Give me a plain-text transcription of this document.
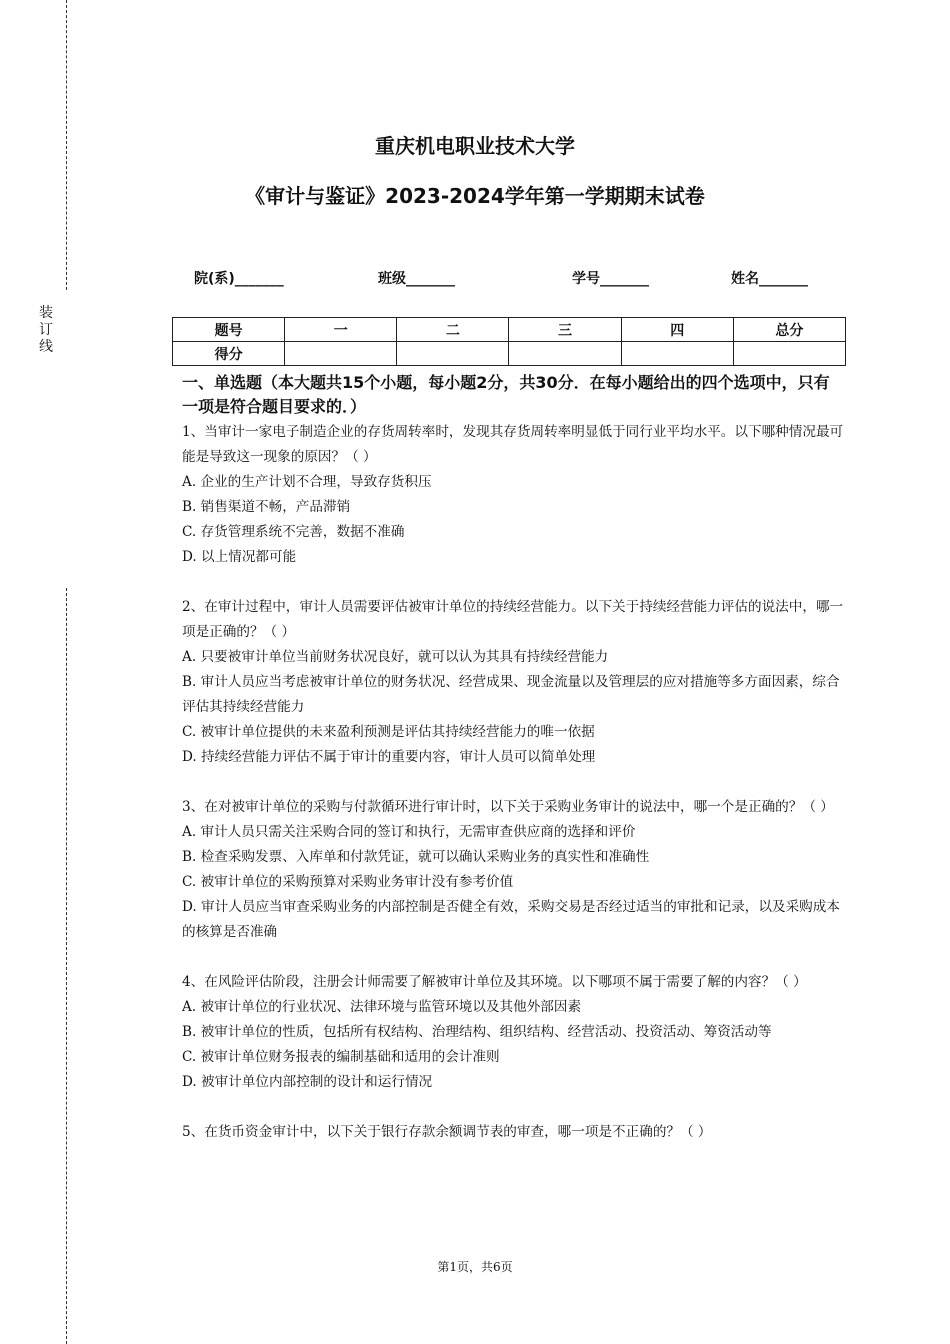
装
订
线
重庆机电职业技术大学
《审计与鉴证》2023-2024学年第一学期期末试卷
院(系)_______	班级_______	学号_______	姓名_______
题号	一	二	三	四	总分
得分					
一、单选题（本大题共15个小题，每小题2分，共30分．在每小题给出的四个选项中，只有一项是符合题目要求的．）

1、当审计一家电子制造企业的存货周转率时，发现其存货周转率明显低于同行业平均水平。以下哪种情况最可能是导致这一现象的原因？（ ）

A. 企业的生产计划不合理，导致存货积压

B. 销售渠道不畅，产品滞销

C. 存货管理系统不完善，数据不准确

D. 以上情况都可能

2、在审计过程中，审计人员需要评估被审计单位的持续经营能力。以下关于持续经营能力评估的说法中，哪一项是正确的？（ ）

A. 只要被审计单位当前财务状况良好，就可以认为其具有持续经营能力

B. 审计人员应当考虑被审计单位的财务状况、经营成果、现金流量以及管理层的应对措施等多方面因素，综合评估其持续经营能力

C. 被审计单位提供的未来盈利预测是评估其持续经营能力的唯一依据

D. 持续经营能力评估不属于审计的重要内容，审计人员可以简单处理

3、在对被审计单位的采购与付款循环进行审计时，以下关于采购业务审计的说法中，哪一个是正确的？（ ）

A. 审计人员只需关注采购合同的签订和执行，无需审查供应商的选择和评价

B. 检查采购发票、入库单和付款凭证，就可以确认采购业务的真实性和准确性

C. 被审计单位的采购预算对采购业务审计没有参考价值

D. 审计人员应当审查采购业务的内部控制是否健全有效，采购交易是否经过适当的审批和记录，以及采购成本的核算是否准确

4、在风险评估阶段，注册会计师需要了解被审计单位及其环境。以下哪项不属于需要了解的内容？（ ）

A. 被审计单位的行业状况、法律环境与监管环境以及其他外部因素

B. 被审计单位的性质，包括所有权结构、治理结构、组织结构、经营活动、投资活动、筹资活动等

C. 被审计单位财务报表的编制基础和适用的会计准则

D. 被审计单位内部控制的设计和运行情况

5、在货币资金审计中，以下关于银行存款余额调节表的审查，哪一项是不正确的？（ ）

第1页，共6页
